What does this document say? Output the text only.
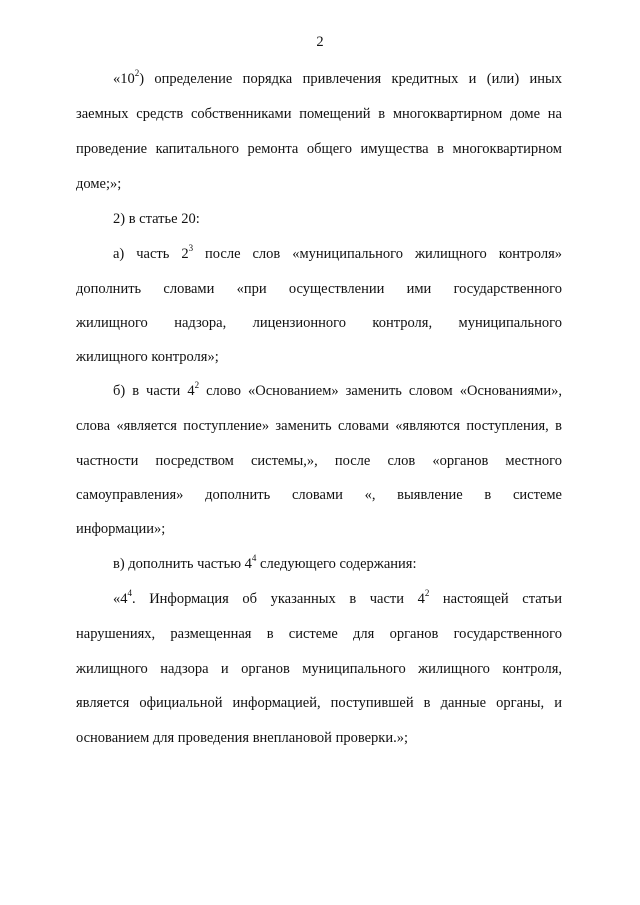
2
«$10^2$) определение порядка привлечения кредитных и (или) иных
заемных средств собственниками помещений в многоквартирном доме на
проведение капитального ремонта общего имущества в многоквартирном
доме;»;
2) в статье 20:
а) часть $2^3$ после слов «муниципального жилищного контроля»
дополнить словами «при осуществлении ими государственного
жилищного надзора, лицензионного контроля, муниципального
жилищного контроля»;
б) в части $4^2$ слово «Основанием» заменить словом «Основаниями»,
слова «является поступление» заменить словами «являются поступления, в
частности посредством системы,», после слов «органов местного
самоуправления» дополнить словами «, выявление в системе
информации»;
в) дополнить частью $4^4$ следующего содержания:
«$4^4$. Информация об указанных в части $4^2$ настоящей статьи
нарушениях, размещенная в системе для органов государственного
жилищного надзора и органов муниципального жилищного контроля,
является официальной информацией, поступившей в данные органы, и
основанием для проведения внеплановой проверки.»;
